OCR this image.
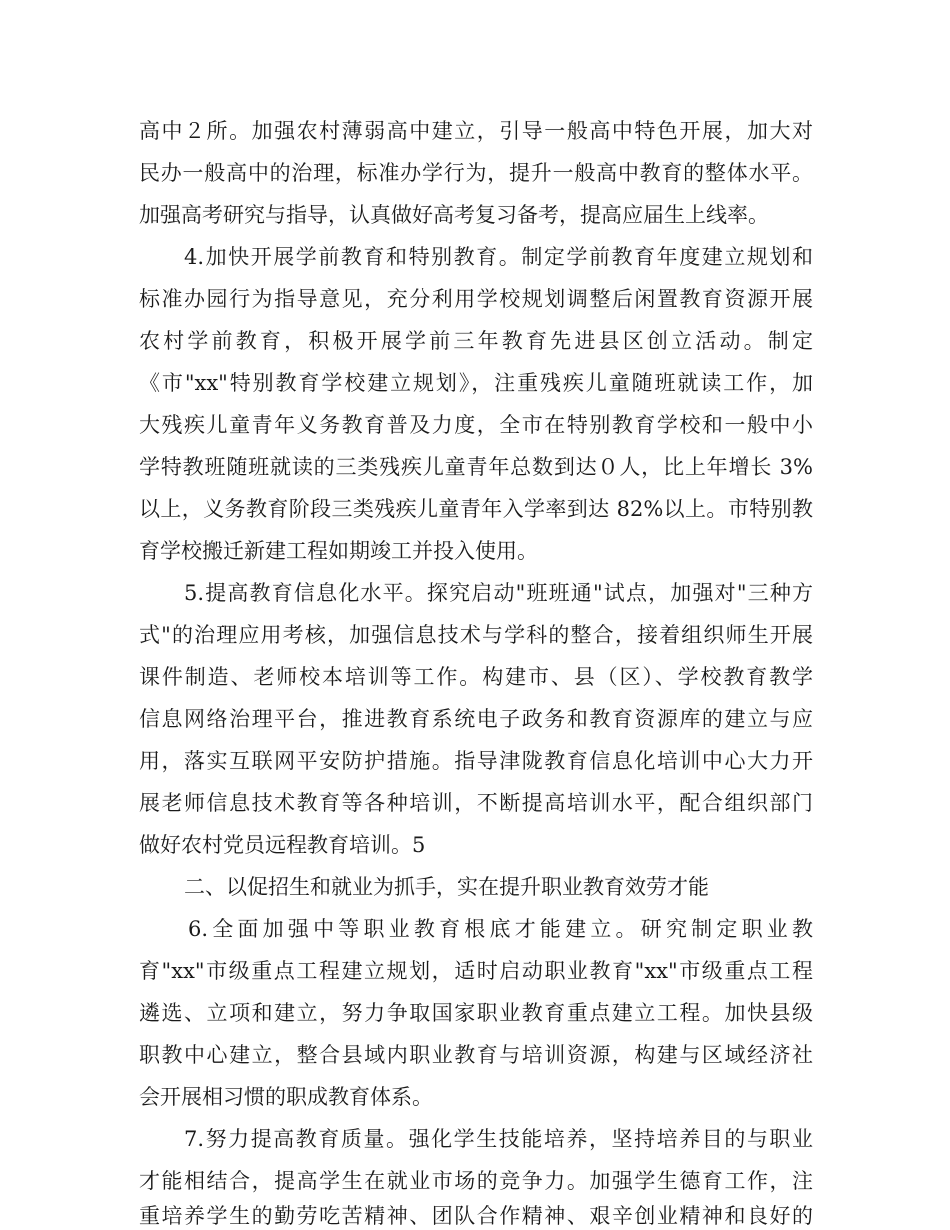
高中２所。加强农村薄弱高中建立，引导一般高中特色开展，加大对
民办一般高中的治理，标准办学行为，提升一般高中教育的整体水平。
加强高考研究与指导，认真做好高考复习备考，提高应届生上线率。
4.加快开展学前教育和特别教育。制定学前教育年度建立规划和
标准办园行为指导意见，充分利用学校规划调整后闲置教育资源开展
农村学前教育，积极开展学前三年教育先进县区创立活动。制定
《市"xx"特别教育学校建立规划》，注重残疾儿童随班就读工作，加
大残疾儿童青年义务教育普及力度，全市在特别教育学校和一般中小
学特教班随班就读的三类残疾儿童青年总数到达０人，比上年增长 3%
以上，义务教育阶段三类残疾儿童青年入学率到达 82%以上。市特别教
育学校搬迁新建工程如期竣工并投入使用。
5.提高教育信息化水平。探究启动"班班通"试点，加强对"三种方
式"的治理应用考核，加强信息技术与学科的整合，接着组织师生开展
课件制造、老师校本培训等工作。构建市、县（区）、学校教育教学
信息网络治理平台，推进教育系统电子政务和教育资源库的建立与应
用，落实互联网平安防护措施。指导津陇教育信息化培训中心大力开
展老师信息技术教育等各种培训，不断提高培训水平，配合组织部门
做好农村党员远程教育培训。5
二、以促招生和就业为抓手，实在提升职业教育效劳才能
6.全面加强中等职业教育根底才能建立。研究制定职业教
育"xx"市级重点工程建立规划，适时启动职业教育"xx"市级重点工程
遴选、立项和建立，努力争取国家职业教育重点建立工程。加快县级
职教中心建立，整合县域内职业教育与培训资源，构建与区域经济社
会开展相习惯的职成教育体系。
7.努力提高教育质量。强化学生技能培养，坚持培养目的与职业
才能相结合，提高学生在就业市场的竞争力。加强学生德育工作，注
重培养学生的勤劳吃苦精神、团队合作精神、艰辛创业精神和良好的
